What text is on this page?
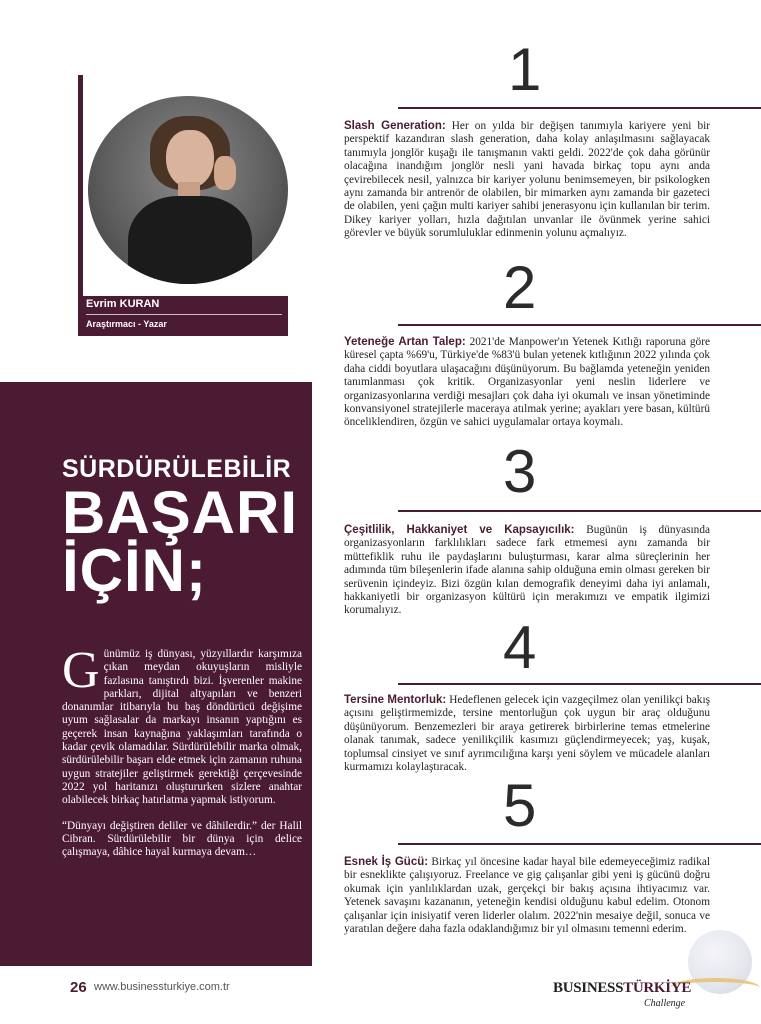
Evrim KURAN
Araştırmacı - Yazar
SÜRDÜRÜLEBİLİR
BAŞARI
İÇİN;

Günümüz iş dünyası, yüzyıllardır karşımıza çıkan meydan okuyuşların misliyle fazlasına tanıştırdı bizi. İşverenler makine parkları, dijital altyapıları ve benzeri donanımlar itibarıyla bu baş döndürücü değişime uyum sağlasalar da markayı insanın yaptığını es geçerek insan kaynağına yaklaşımları tarafında o kadar çevik olamadılar. Sürdürülebilir marka olmak, sürdürülebilir başarı elde etmek için zamanın ruhuna uygun stratejiler geliştirmek gerektiği çerçevesinde 2022 yol haritanızı oluştururken sizlere anahtar olabilecek birkaç hatırlatma yapmak istiyorum.

“Dünyayı değiştiren deliler ve dâhilerdir.” der Halil Cibran. Sürdürülebilir bir dünya için delice çalışmaya, dâhice hayal kurmaya devam…

1

Slash Generation: Her on yılda bir değişen tanımıyla kariyere yeni bir perspektif kazandıran slash generation, daha kolay anlaşılmasını sağlayacak tanımıyla jonglör kuşağı ile tanışmanın vakti geldi. 2022'de çok daha görünür olacağına inandığım jonglör nesli yani havada birkaç topu aynı anda çevirebilecek nesil, yalnızca bir kariyer yolunu benimsemeyen, bir psikologken aynı zamanda bir antrenör de olabilen, bir mimarken aynı zamanda bir gazeteci de olabilen, yeni çağın multi kariyer sahibi jenerasyonu için kullanılan bir terim. Dikey kariyer yolları, hızla dağıtılan unvanlar ile övünmek yerine sahici görevler ve büyük sorumluluklar edinmenin yolunu açmalıyız.

2

Yeteneğe Artan Talep: 2021'de Manpower'ın Yetenek Kıtlığı raporuna göre küresel çapta %69'u, Türkiye'de %83'ü bulan yetenek kıtlığının 2022 yılında çok daha ciddi boyutlara ulaşacağını düşünüyorum. Bu bağlamda yeteneğin yeniden tanımlanması çok kritik. Organizasyonlar yeni neslin liderlere ve organizasyonlarına verdiği mesajları çok daha iyi okumalı ve insan yönetiminde konvansiyonel stratejilerle maceraya atılmak yerine; ayakları yere basan, kültürü önceliklendiren, özgün ve sahici uygulamalar ortaya koymalı.

3

Çeşitlilik, Hakkaniyet ve Kapsayıcılık: Bugünün iş dünyasında organizasyonların farklılıkları sadece fark etmemesi aynı zamanda bir müttefiklik ruhu ile paydaşlarını buluşturması, karar alma süreçlerinin her adımında tüm bileşenlerin ifade alanına sahip olduğuna emin olması gereken bir serüvenin içindeyiz. Bizi özgün kılan demografik deneyimi daha iyi anlamalı, hakkaniyetli bir organizasyon kültürü için merakımızı ve empatik ilgimizi korumalıyız.

4

Tersine Mentorluk: Hedeflenen gelecek için vazgeçilmez olan yenilikçi bakış açısını geliştirmemizde, tersine mentorluğun çok uygun bir araç olduğunu düşünüyorum. Benzemezleri bir araya getirerek birbirlerine temas etmelerine olanak tanımak, sadece yenilikçilik kasımızı güçlendirmeyecek; yaş, kuşak, toplumsal cinsiyet ve sınıf ayrımcılığına karşı yeni söylem ve mücadele alanları kurmamızı kolaylaştıracak.

5

Esnek İş Gücü: Birkaç yıl öncesine kadar hayal bile edemeyeceğimiz radikal bir esneklikte çalışıyoruz. Freelance ve gig çalışanlar gibi yeni iş gücünü doğru okumak için yanlılıklardan uzak, gerçekçi bir bakış açısına ihtiyacımız var. Yetenek savaşını kazananın, yeteneğin kendisi olduğunu kabul edelim. Otonom çalışanlar için inisiyatif veren liderler olalım. 2022'nin mesaiye değil, sonuca ve yaratılan değere daha fazla odaklandığımız bir yıl olmasını temenni ederim.

26 www.businessturkiye.com.tr	BUSINESSTÜRKİYE
Challenge
